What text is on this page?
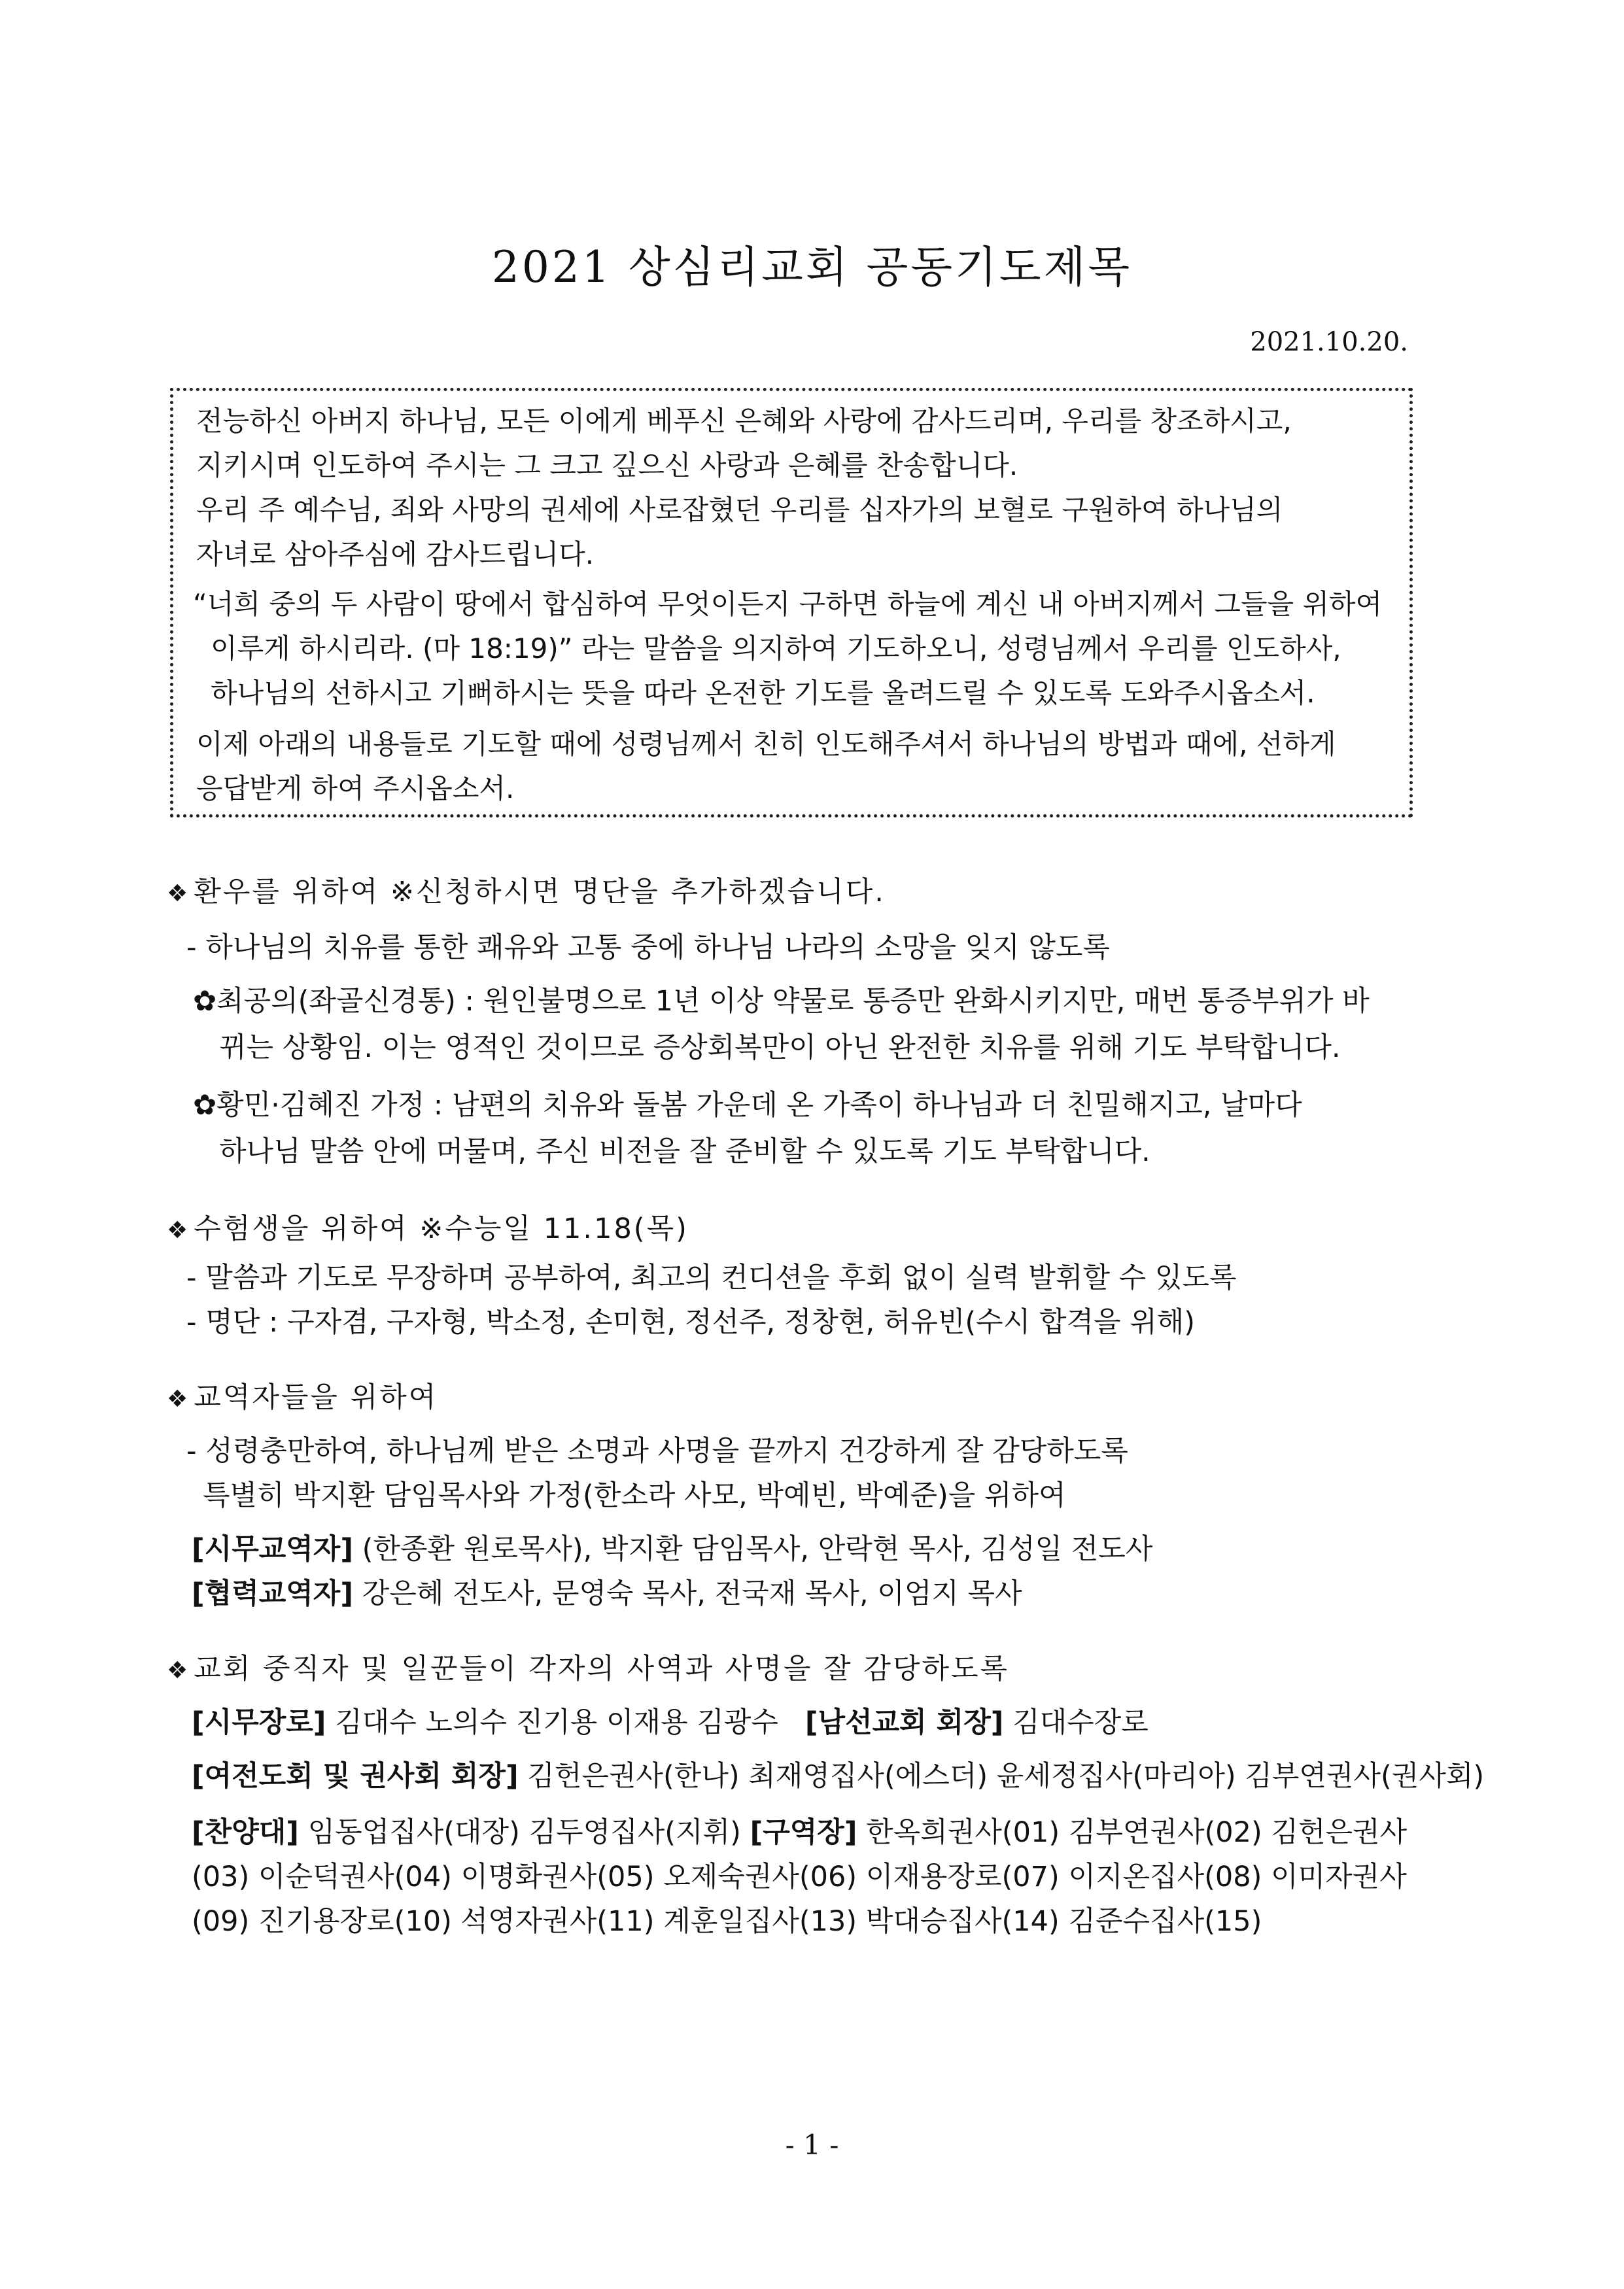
2021 상심리교회 공동기도제목
2021.10.20.
전능하신 아버지 하나님, 모든 이에게 베푸신 은혜와 사랑에 감사드리며, 우리를 창조하시고,
지키시며 인도하여 주시는 그 크고 깊으신 사랑과 은혜를 찬송합니다.
우리 주 예수님, 죄와 사망의 권세에 사로잡혔던 우리를 십자가의 보혈로 구원하여 하나님의
자녀로 삼아주심에 감사드립니다.
“너희 중의 두 사람이 땅에서 합심하여 무엇이든지 구하면 하늘에 계신 내 아버지께서 그들을 위하여
이루게 하시리라. (마 18:19)” 라는 말씀을 의지하여 기도하오니, 성령님께서 우리를 인도하사,
하나님의 선하시고 기뻐하시는 뜻을 따라 온전한 기도를 올려드릴 수 있도록 도와주시옵소서.
이제 아래의 내용들로 기도할 때에 성령님께서 친히 인도해주셔서 하나님의 방법과 때에, 선하게
응답받게 하여 주시옵소서.
❖ 환우를 위하여 ※신청하시면 명단을 추가하겠습니다.
- 하나님의 치유를 통한 쾌유와 고통 중에 하나님 나라의 소망을 잊지 않도록
✿최공의(좌골신경통) : 원인불명으로 1년 이상 약물로 통증만 완화시키지만, 매번 통증부위가 바
뀌는 상황임. 이는 영적인 것이므로 증상회복만이 아닌 완전한 치유를 위해 기도 부탁합니다.
✿황민·김혜진 가정 : 남편의 치유와 돌봄 가운데 온 가족이 하나님과 더 친밀해지고, 날마다
하나님 말씀 안에 머물며, 주신 비전을 잘 준비할 수 있도록 기도 부탁합니다.
❖ 수험생을 위하여 ※수능일 11.18(목)
- 말씀과 기도로 무장하며 공부하여, 최고의 컨디션을 후회 없이 실력 발휘할 수 있도록
- 명단 : 구자겸, 구자형, 박소정, 손미현, 정선주, 정창현, 허유빈(수시 합격을 위해)
❖ 교역자들을 위하여
- 성령충만하여, 하나님께 받은 소명과 사명을 끝까지 건강하게 잘 감당하도록
특별히 박지환 담임목사와 가정(한소라 사모, 박예빈, 박예준)을 위하여
[시무교역자] (한종환 원로목사), 박지환 담임목사, 안락현 목사, 김성일 전도사
[협력교역자] 강은혜 전도사, 문영숙 목사, 전국재 목사, 이엄지 목사
❖ 교회 중직자 및 일꾼들이 각자의 사역과 사명을 잘 감당하도록
[시무장로] 김대수 노의수 진기용 이재용 김광수 [남선교회 회장] 김대수장로
[여전도회 및 권사회 회장] 김헌은권사(한나) 최재영집사(에스더) 윤세정집사(마리아) 김부연권사(권사회)
[찬양대] 임동업집사(대장) 김두영집사(지휘) [구역장] 한옥희권사(01) 김부연권사(02) 김헌은권사
(03) 이순덕권사(04) 이명화권사(05) 오제숙권사(06) 이재용장로(07) 이지온집사(08) 이미자권사
(09) 진기용장로(10) 석영자권사(11) 계훈일집사(13) 박대승집사(14) 김준수집사(15)
- 1 -
